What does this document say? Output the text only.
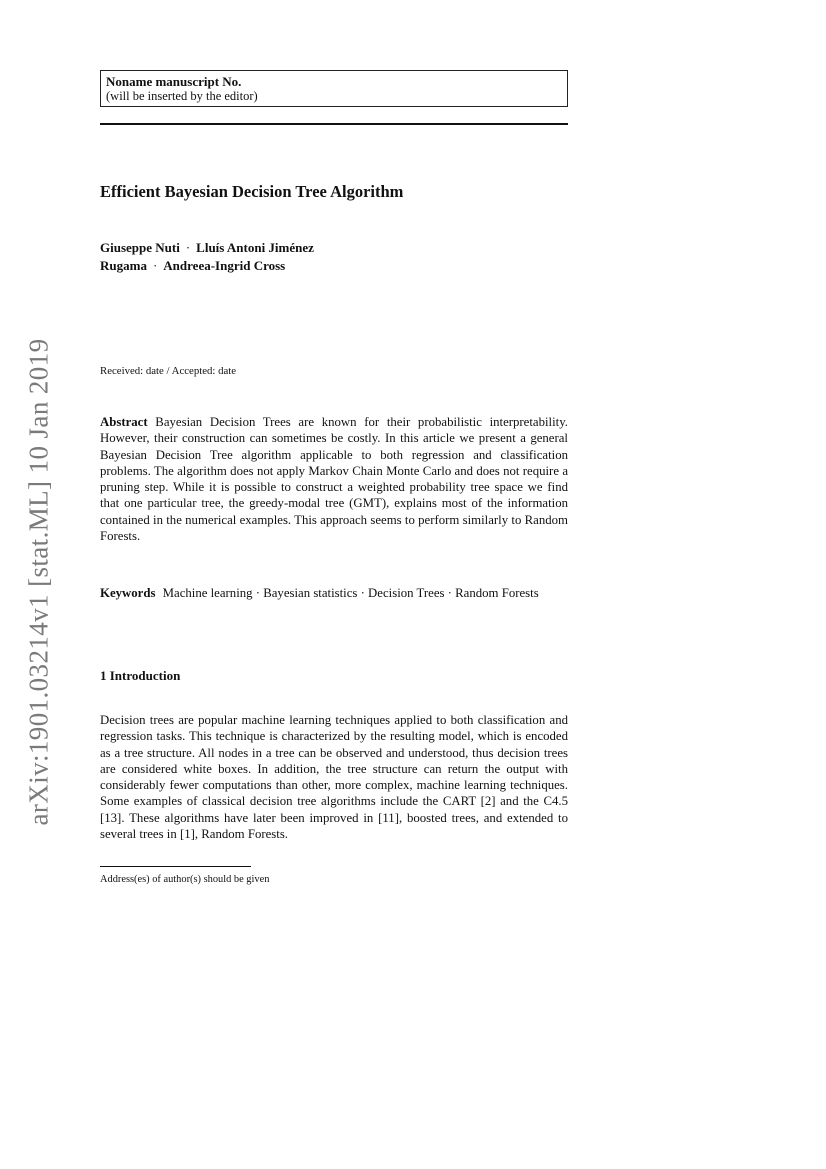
arXiv:1901.03214v1 [stat.ML] 10 Jan 2019
Noname manuscript No.
(will be inserted by the editor)
Efficient Bayesian Decision Tree Algorithm
Giuseppe Nuti · Lluís Antoni Jiménez
Rugama · Andreea-Ingrid Cross
Received: date / Accepted: date
Abstract Bayesian Decision Trees are known for their probabilistic interpretability. However, their construction can sometimes be costly. In this article we present a general Bayesian Decision Tree algorithm applicable to both regression and classification problems. The algorithm does not apply Markov Chain Monte Carlo and does not require a pruning step. While it is possible to construct a weighted probability tree space we find that one particular tree, the greedy-modal tree (GMT), explains most of the information contained in the numerical examples. This approach seems to perform similarly to Random Forests.
Keywords Machine learning · Bayesian statistics · Decision Trees · Random Forests
1 Introduction
Decision trees are popular machine learning techniques applied to both classification and regression tasks. This technique is characterized by the resulting model, which is encoded as a tree structure. All nodes in a tree can be observed and understood, thus decision trees are considered white boxes. In addition, the tree structure can return the output with considerably fewer computations than other, more complex, machine learning techniques. Some examples of classical decision tree algorithms include the CART [2] and the C4.5 [13]. These algorithms have later been improved in [11], boosted trees, and extended to several trees in [1], Random Forests.
Address(es) of author(s) should be given
